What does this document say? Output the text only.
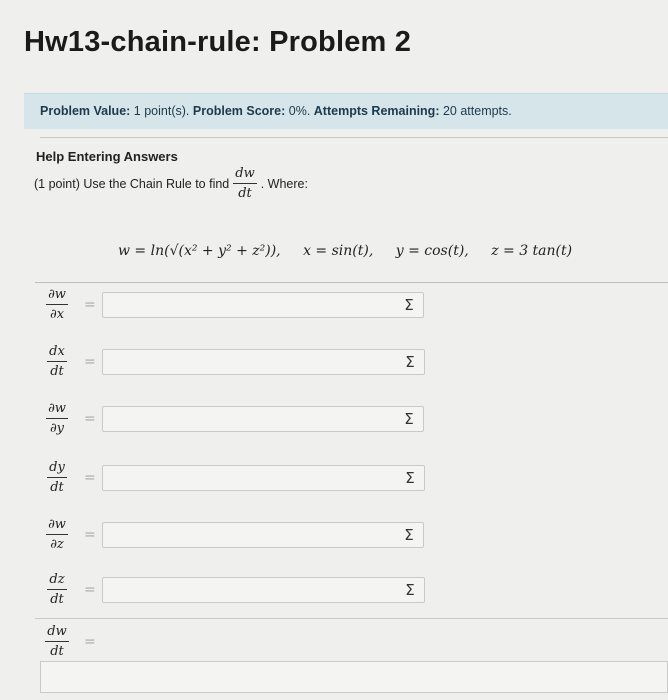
Hw13-chain-rule: Problem 2
Problem Value: 1 point(s). Problem Score: 0%. Attempts Remaining: 20 attempts.
Help Entering Answers
(1 point) Use the Chain Rule to find $\frac{dw}{dt}$ . Where:
w = ln(√(x² + y² + z²)), x = sin(t), y = cos(t), z = 3 tan(t)
$\frac{\partial w}{\partial x}$ =	Σ
$\frac{dx}{dt}$ =	Σ
$\frac{\partial w}{\partial y}$ =	Σ
$\frac{dy}{dt}$ =	Σ
$\frac{\partial w}{\partial z}$ =	Σ
$\frac{dz}{dt}$ =	Σ
$\frac{dw}{dt}$ =
